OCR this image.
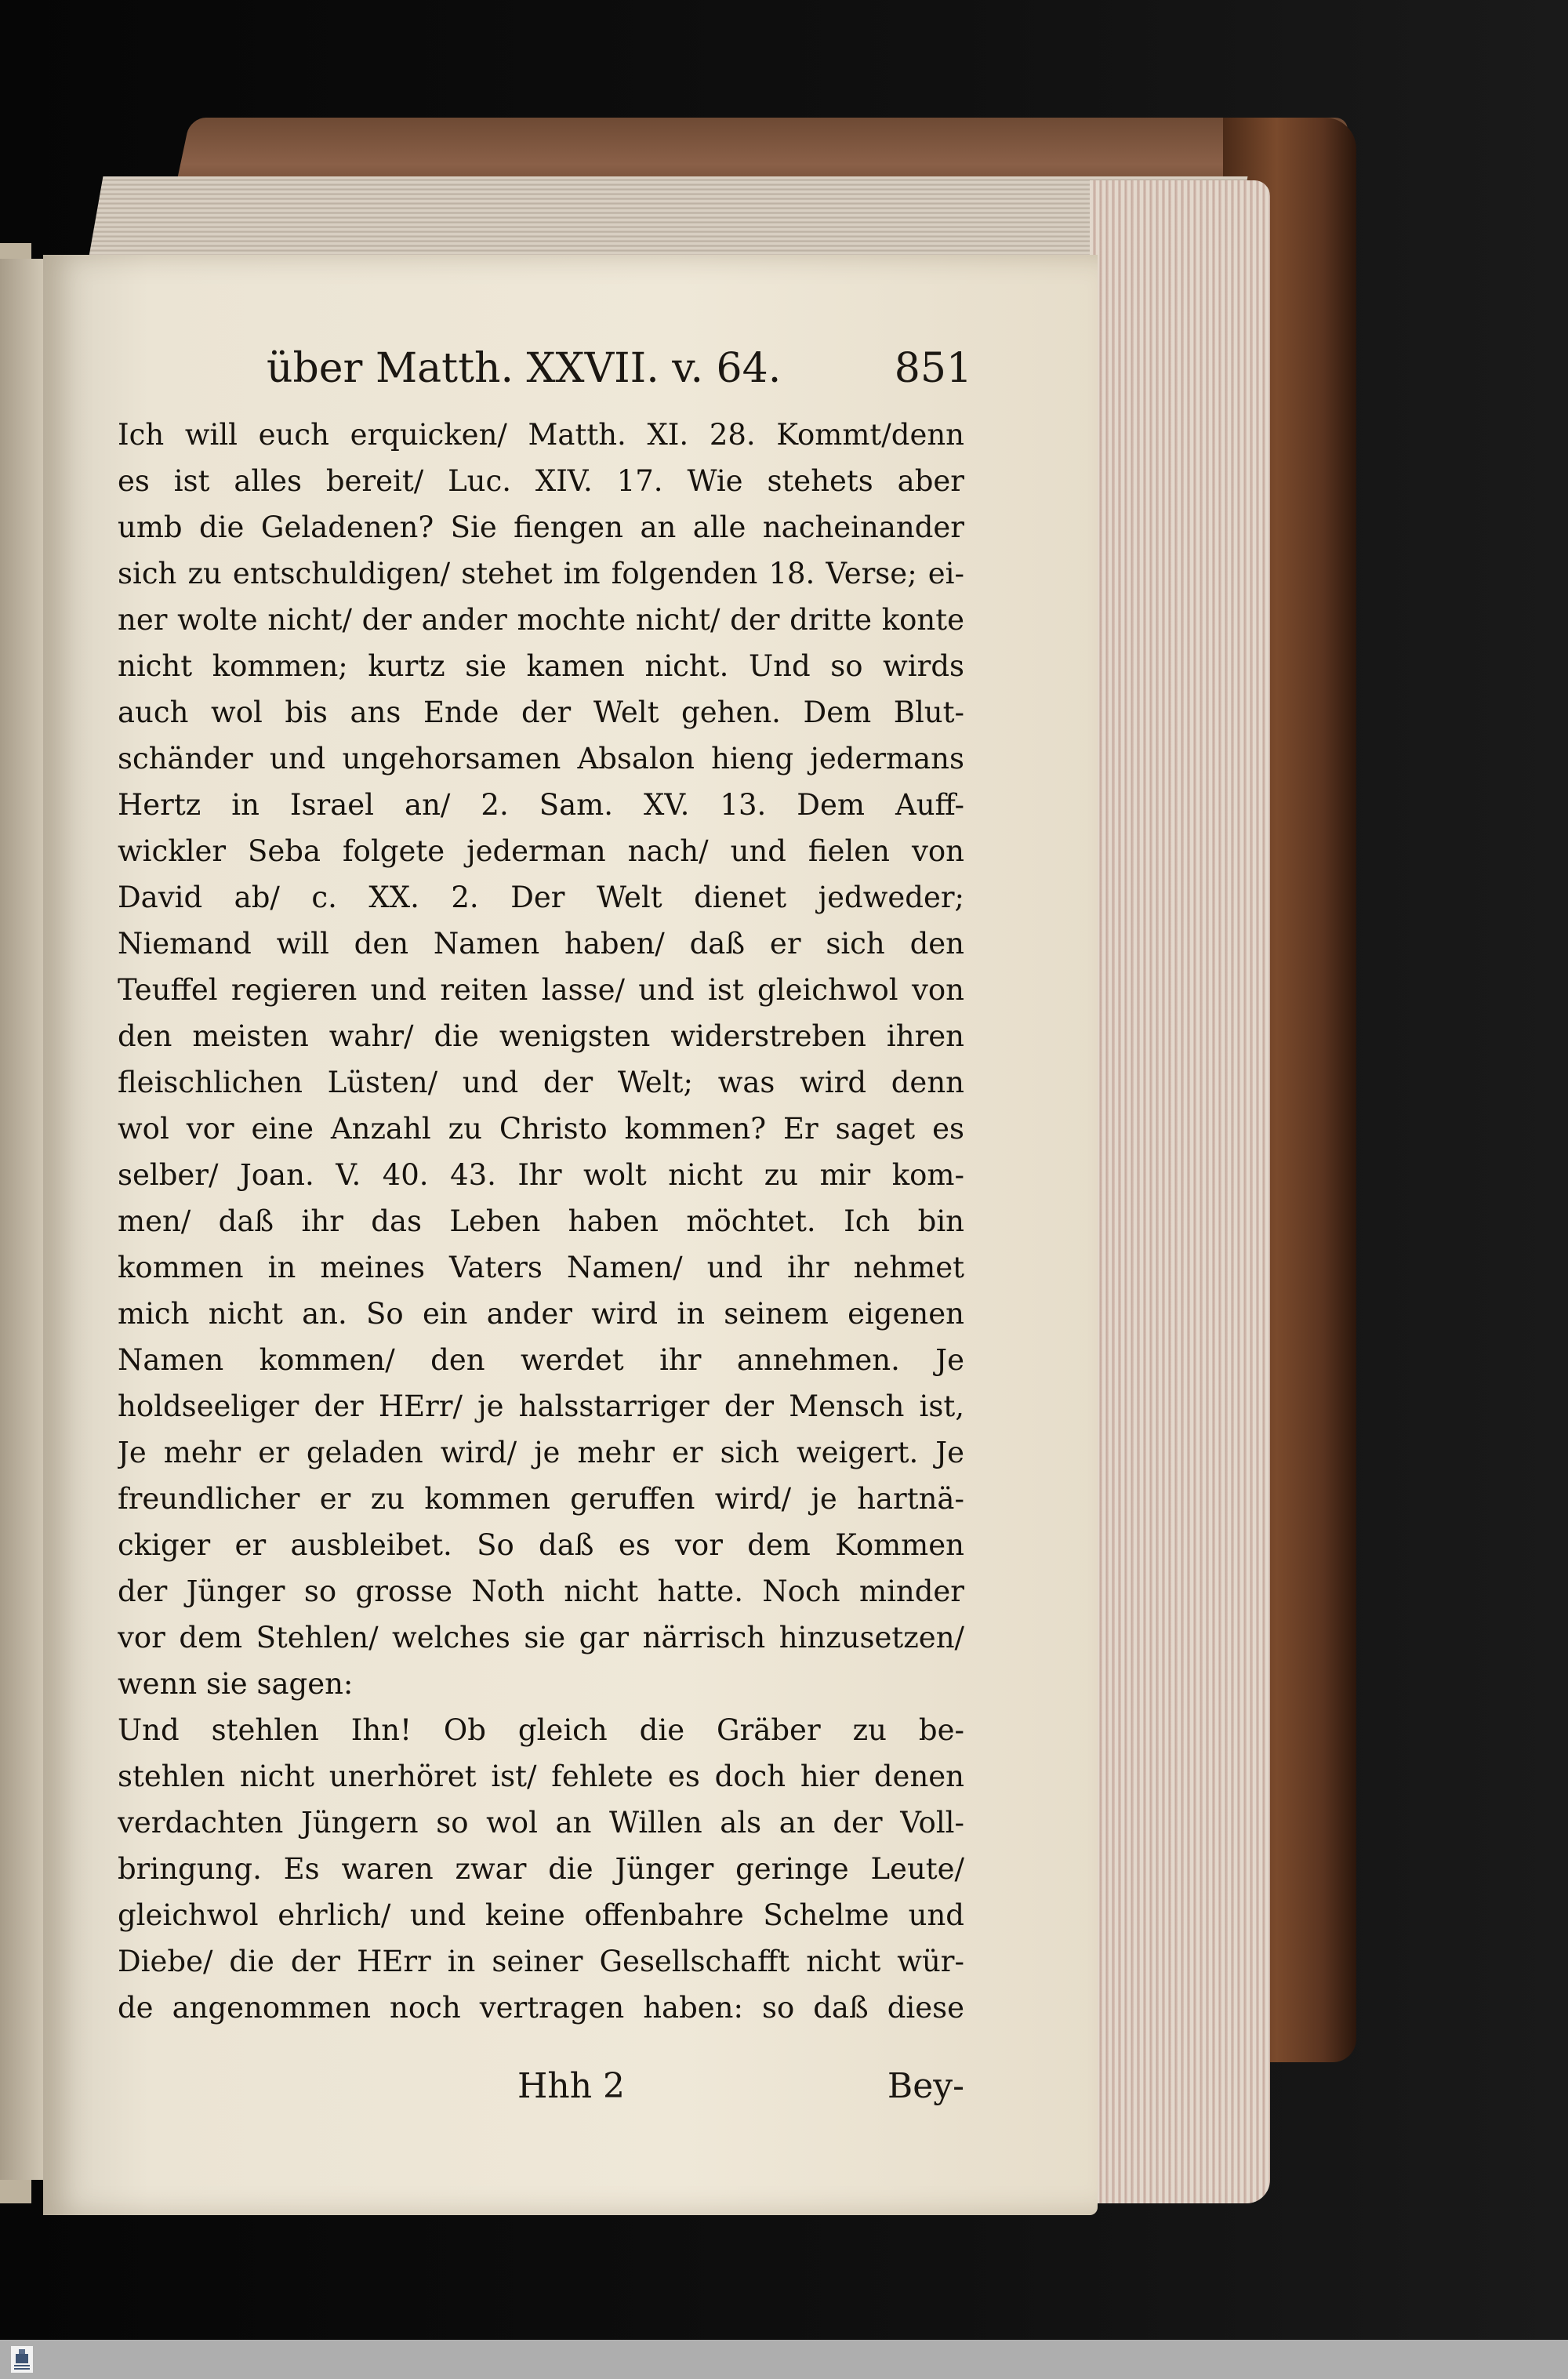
über Matth. XXVII. v. 64.	851
Ich will euch erquicken/ Matth. XI. 28. Kommt/denn
es ist alles bereit/ Luc. XIV. 17. Wie stehets aber
umb die Geladenen? Sie fiengen an alle nacheinander
sich zu entschuldigen/ stehet im folgenden 18. Verse; ei-
ner wolte nicht/ der ander mochte nicht/ der dritte konte
nicht kommen; kurtz sie kamen nicht. Und so wirds
auch wol bis ans Ende der Welt gehen. Dem Blut-
schänder und ungehorsamen Absalon hieng jedermans
Hertz in Israel an/ 2. Sam. XV. 13. Dem Auff-
wickler Seba folgete jederman nach/ und fielen von
David ab/ c. XX. 2. Der Welt dienet jedweder;
Niemand will den Namen haben/ daß er sich den
Teuffel regieren und reiten lasse/ und ist gleichwol von
den meisten wahr/ die wenigsten widerstreben ihren
fleischlichen Lüsten/ und der Welt; was wird denn
wol vor eine Anzahl zu Christo kommen? Er saget es
selber/ Joan. V. 40. 43. Ihr wolt nicht zu mir kom-
men/ daß ihr das Leben haben möchtet. Ich bin
kommen in meines Vaters Namen/ und ihr nehmet
mich nicht an. So ein ander wird in seinem eigenen
Namen kommen/ den werdet ihr annehmen. Je
holdseeliger der HErr/ je halsstarriger der Mensch ist,
Je mehr er geladen wird/ je mehr er sich weigert. Je
freundlicher er zu kommen geruffen wird/ je hartnä-
ckiger er ausbleibet. So daß es vor dem Kommen
der Jünger so grosse Noth nicht hatte. Noch minder
vor dem Stehlen/ welches sie gar närrisch hinzusetzen/
wenn sie sagen:
Und stehlen Ihn! Ob gleich die Gräber zu be-
stehlen nicht unerhöret ist/ fehlete es doch hier denen
verdachten Jüngern so wol an Willen als an der Voll-
bringung. Es waren zwar die Jünger geringe Leute/
gleichwol ehrlich/ und keine offenbahre Schelme und
Diebe/ die der HErr in seiner Gesellschafft nicht wür-
de angenommen noch vertragen haben: so daß diese
Hhh 2	Bey-
